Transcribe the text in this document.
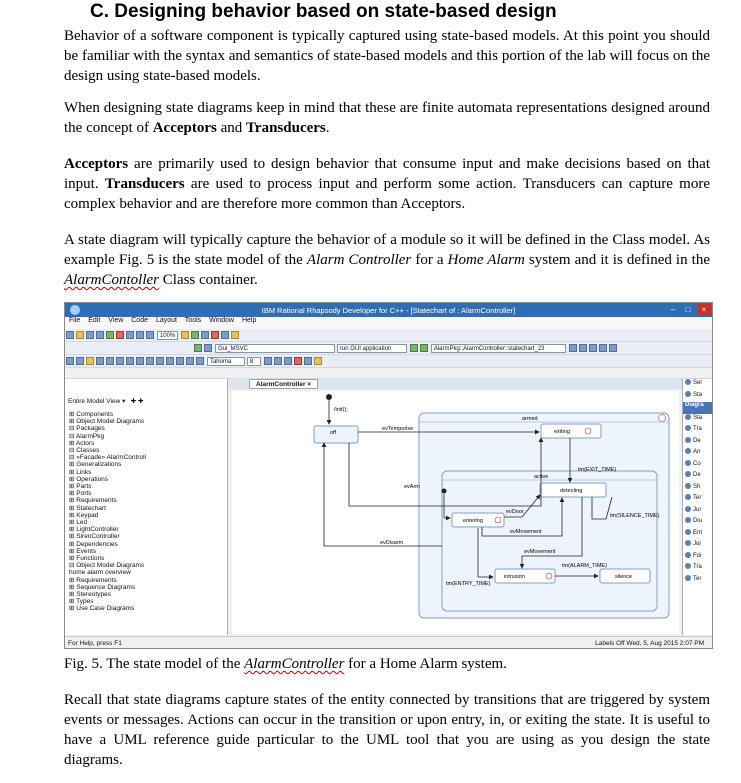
C. Designing behavior based on state-based design
Behavior of a software component is typically captured using state-based models. At this point you should be familiar with the syntax and semantics of state-based models and this portion of the lab will focus on the design using state-based models.
When designing state diagrams keep in mind that these are finite automata representations designed around the concept of Acceptors and Transducers.
Acceptors are primarily used to design behavior that consume input and make decisions based on that input. Transducers are used to process input and perform some action. Transducers can capture more complex behavior and are therefore more common than Acceptors.
A state diagram will typically capture the behavior of a module so it will be defined in the Class model. As example Fig. 5 is the state model of the Alarm Controller for a Home Alarm system and it is defined in the AlarmContoller Class container.
IBM Rational Rhapsody Developer for C++ - [Statechart of : AlarmController]	–	□	×
File Edit View Code Layout Tools Window Help
100%
Gui_MSVC	run GUI application	AlarmPkg::AlarmController::statechart_23
Tahoma	8
Entire Model View ▾   ✚ ✚
⊞ Components
⊞ Object Model Diagrams
⊟ Packages
⊟ AlarmPkg
⊞ Actors
⊟ Classes
⊟ «Facade» AlarmControll
⊞ Generalizations
⊞ Links
⊞ Operations
⊞ Parts
⊞ Ports
⊞ Requirements
⊞ Statechart
⊞ Keypad
⊞ Led
⊞ LightController
⊞ SirenController
⊞ Dependencies
⊞ Events
⊞ Functions
⊟ Object Model Diagrams
home alarm overview
⊞ Requirements
⊞ Sequence Diagrams
⊞ Stereotypes
⊞ Types
⊞ Use Case Diagrams
AlarmController ×
/init();
off
armed
exiting
active
detecting
entering
intrusion	silence
evTemporise
evArm
evDisarm
tm(EXIT_TIME)
evDoor
evMovement
evMovement
tm(SILENCE_TIME)
tm(ALARM_TIME)
tm(ENTRY_TIME)
Sel
Sta
Diagra
Sta
Tra
De
An
Co
De
Sh
Ter
Jur
Diu
Ent
Joi
Foi
Tra
Ter
For Help, press F1	Labels Off Wed, 5, Aug 2015 2:07 PM
Fig. 5. The state model of the AlarmController for a Home Alarm system.
Recall that state diagrams capture states of the entity connected by transitions that are triggered by system events or messages. Actions can occur in the transition or upon entry, in, or exiting the state. It is useful to have a UML reference guide particular to the UML tool that you are using as you design the state diagrams.
